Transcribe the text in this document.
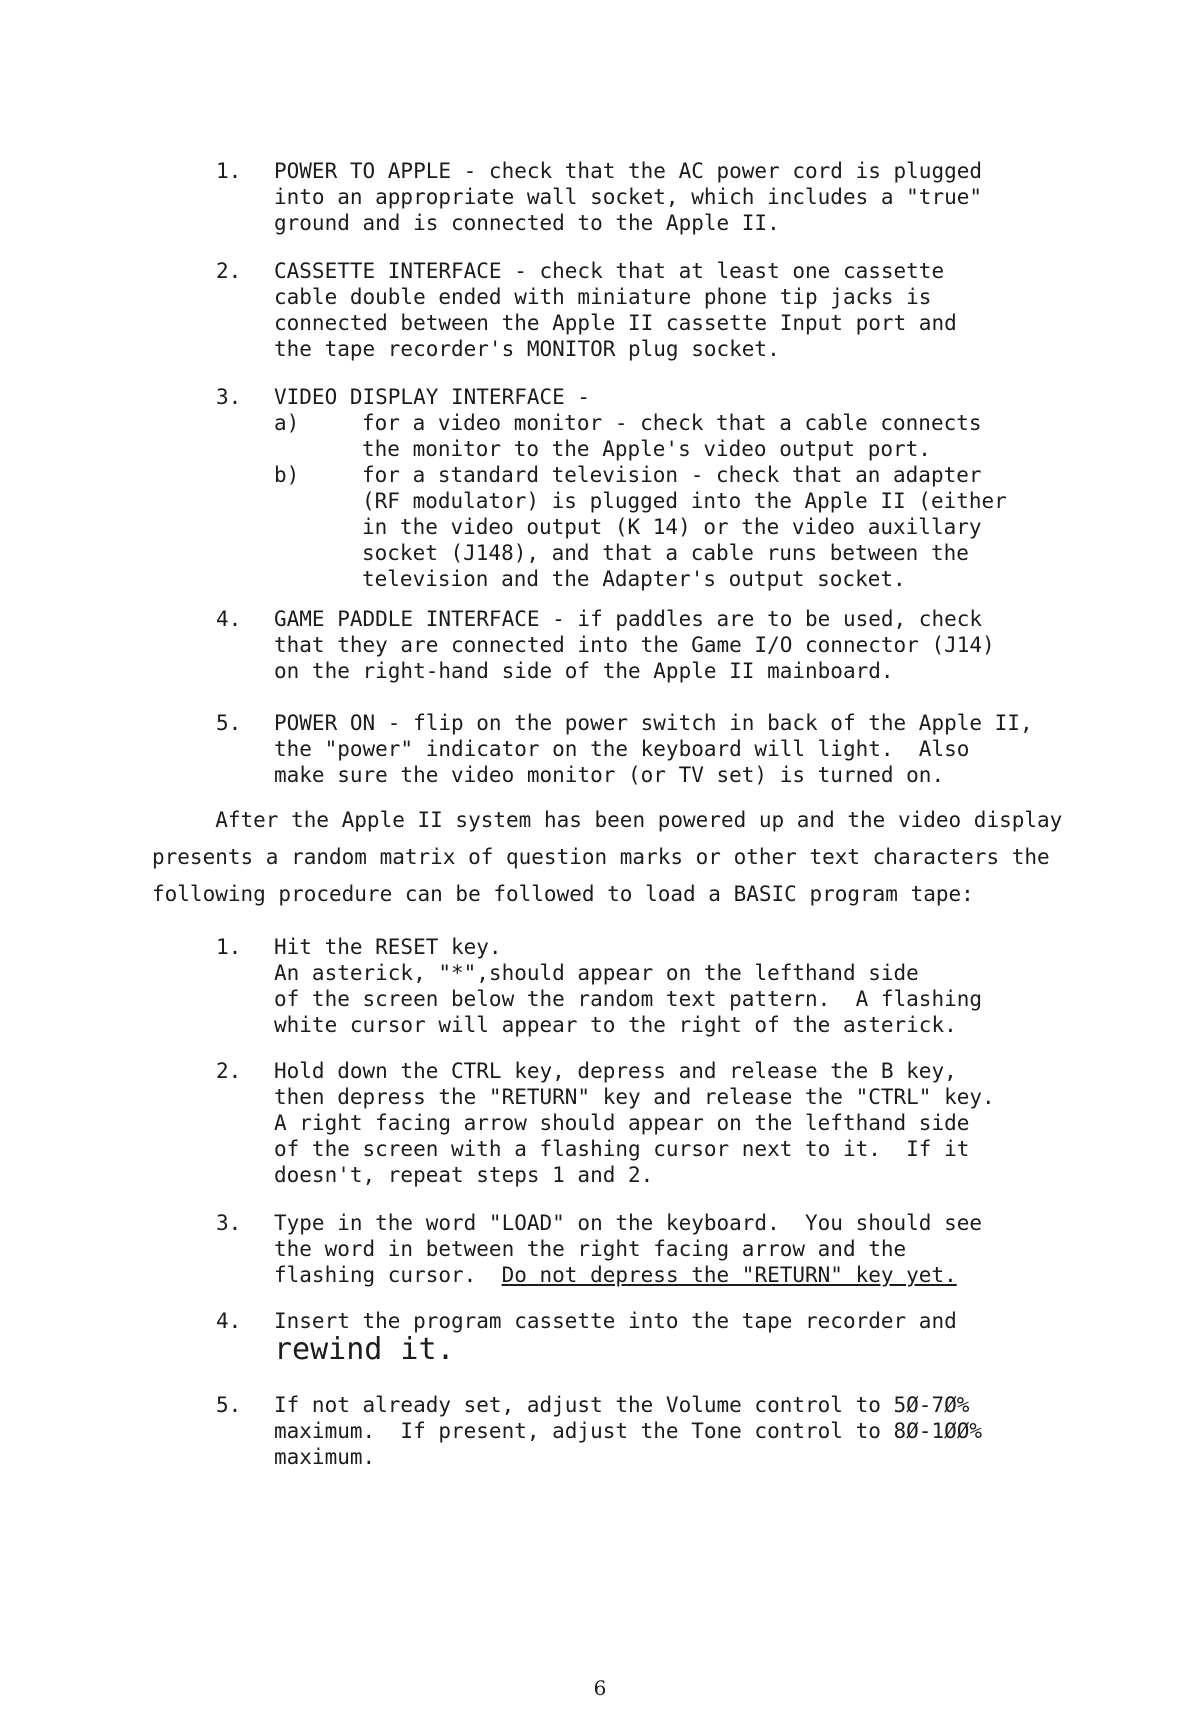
1. POWER TO APPLE - check that the AC power cord is plugged
into an appropriate wall socket, which includes a "true"
ground and is connected to the Apple II.
2. CASSETTE INTERFACE - check that at least one cassette
cable double ended with miniature phone tip jacks is
connected between the Apple II cassette Input port and
the tape recorder's MONITOR plug socket.
3. VIDEO DISPLAY INTERFACE -
a)	for a video monitor - check that a cable connects
the monitor to the Apple's video output port.
b)	for a standard television - check that an adapter
(RF modulator) is plugged into the Apple II (either
in the video output (K 14) or the video auxillary
socket (J148), and that a cable runs between the
television and the Adapter's output socket.
4. GAME PADDLE INTERFACE - if paddles are to be used, check
that they are connected into the Game I/O connector (J14)
on the right-hand side of the Apple II mainboard.
5. POWER ON - flip on the power switch in back of the Apple II,
the "power" indicator on the keyboard will light.  Also
make sure the video monitor (or TV set) is turned on.
After the Apple II system has been powered up and the video display
presents a random matrix of question marks or other text characters the
following procedure can be followed to load a BASIC program tape:
1. Hit the RESET key.
An asterick, "*",should appear on the lefthand side
of the screen below the random text pattern.  A flashing
white cursor will appear to the right of the asterick.
2. Hold down the CTRL key, depress and release the B key,
then depress the "RETURN" key and release the "CTRL" key.
A right facing arrow should appear on the lefthand side
of the screen with a flashing cursor next to it.  If it
doesn't, repeat steps 1 and 2.
3. Type in the word "LOAD" on the keyboard.  You should see
the word in between the right facing arrow and the
flashing cursor.  Do not depress the "RETURN" key yet.
4. Insert the program cassette into the tape recorder and
rewind it.
5. If not already set, adjust the Volume control to 5Ø-7Ø%
maximum.  If present, adjust the Tone control to 8Ø-1ØØ%
maximum.
6
